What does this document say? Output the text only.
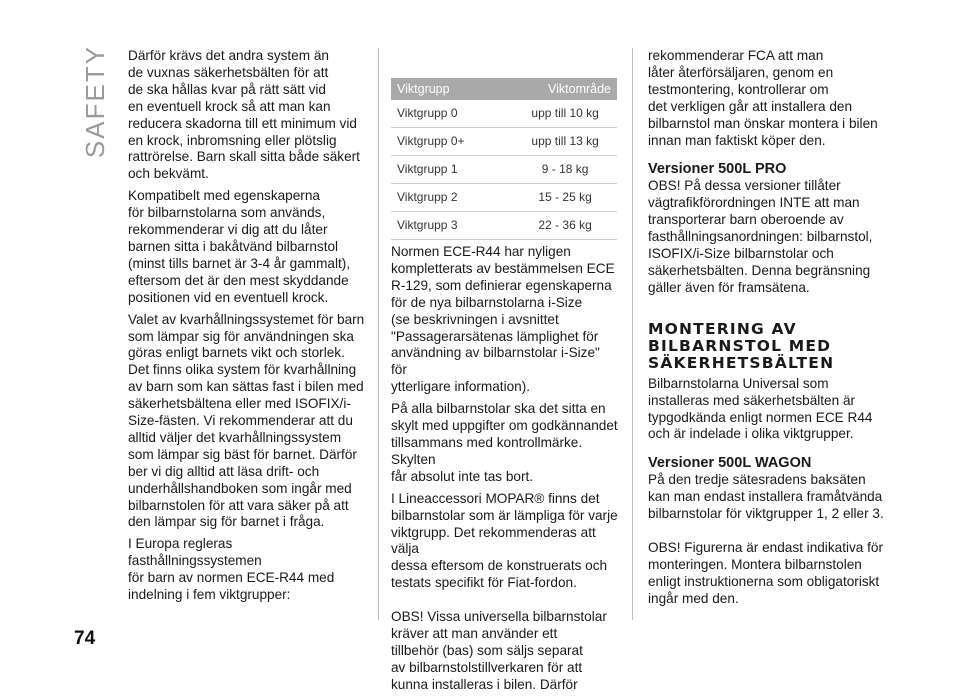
SAFETY Därför krävs det andra system än
de vuxnas säkerhetsbälten för att
de ska hållas kvar på rätt sätt vid
en eventuell krock så att man kan
reducera skadorna till ett minimum vid
en krock, inbromsning eller plötslig
rattrörelse. Barn skall sitta både säkert
och bekvämt.

Kompatibelt med egenskaperna
för bilbarnstolarna som används,
rekommenderar vi dig att du låter
barnen sitta i bakåtvänd bilbarnstol
(minst tills barnet är 3-4 år gammalt),
eftersom det är den mest skyddande
positionen vid en eventuell krock.

Valet av kvarhållningssystemet för barn
som lämpar sig för användningen ska
göras enligt barnets vikt och storlek.
Det finns olika system för kvarhållning
av barn som kan sättas fast i bilen med
säkerhetsbältena eller med ISOFIX/i-
Size-fästen. Vi rekommenderar att du
alltid väljer det kvarhållningssystem
som lämpar sig bäst för barnet. Därför
ber vi dig alltid att läsa drift- och
underhållshandboken som ingår med
bilbarnstolen för att vara säker på att
den lämpar sig för barnet i fråga.

I Europa regleras fasthållningssystemen
för barn av normen ECE-R44 med
indelning i fem viktgrupper:

Viktgrupp	Viktområde
Viktgrupp 0	upp till 10 kg
Viktgrupp 0+	upp till 13 kg
Viktgrupp 1	9 - 18 kg
Viktgrupp 2	15 - 25 kg
Viktgrupp 3	22 - 36 kg

Normen ECE-R44 har nyligen
kompletterats av bestämmelsen ECE
R-129, som definierar egenskaperna
för de nya bilbarnstolarna i-Size
(se beskrivningen i avsnittet
"Passagerarsätenas lämplighet för
användning av bilbarnstolar i-Size" för
ytterligare information).

På alla bilbarnstolar ska det sitta en
skylt med uppgifter om godkännandet
tillsammans med kontrollmärke. Skylten
får absolut inte tas bort.

I Lineaccessori MOPAR® finns det
bilbarnstolar som är lämpliga för varje
viktgrupp. Det rekommenderas att välja
dessa eftersom de konstruerats och
testats specifikt för Fiat-fordon.

OBS! Vissa universella bilbarnstolar
kräver att man använder ett
tillbehör (bas) som säljs separat
av bilbarnstolstillverkaren för att
kunna installeras i bilen. Därför

rekommenderar FCA att man
låter återförsäljaren, genom en
testmontering, kontrollerar om
det verkligen går att installera den
bilbarnstol man önskar montera i bilen
innan man faktiskt köper den.

Versioner 500L PRO

OBS! På dessa versioner tillåter
vägtrafikförordningen INTE att man
transporterar barn oberoende av
fasthållningsanordningen: bilbarnstol,
ISOFIX/i-Size bilbarnstolar och
säkerhetsbälten. Denna begränsning
gäller även för framsätena.

MONTERING AV
BILBARNSTOL MED
SÄKERHETSBÄLTEN

Bilbarnstolarna Universal som
installeras med säkerhetsbälten är
typgodkända enligt normen ECE R44
och är indelade i olika viktgrupper.

Versioner 500L WAGON

På den tredje sätesradens baksäten
kan man endast installera framåtvända
bilbarnstolar för viktgrupper 1, 2 eller 3.

OBS! Figurerna är endast indikativa för
monteringen. Montera bilbarnstolen
enligt instruktionerna som obligatoriskt
ingår med den.

74
